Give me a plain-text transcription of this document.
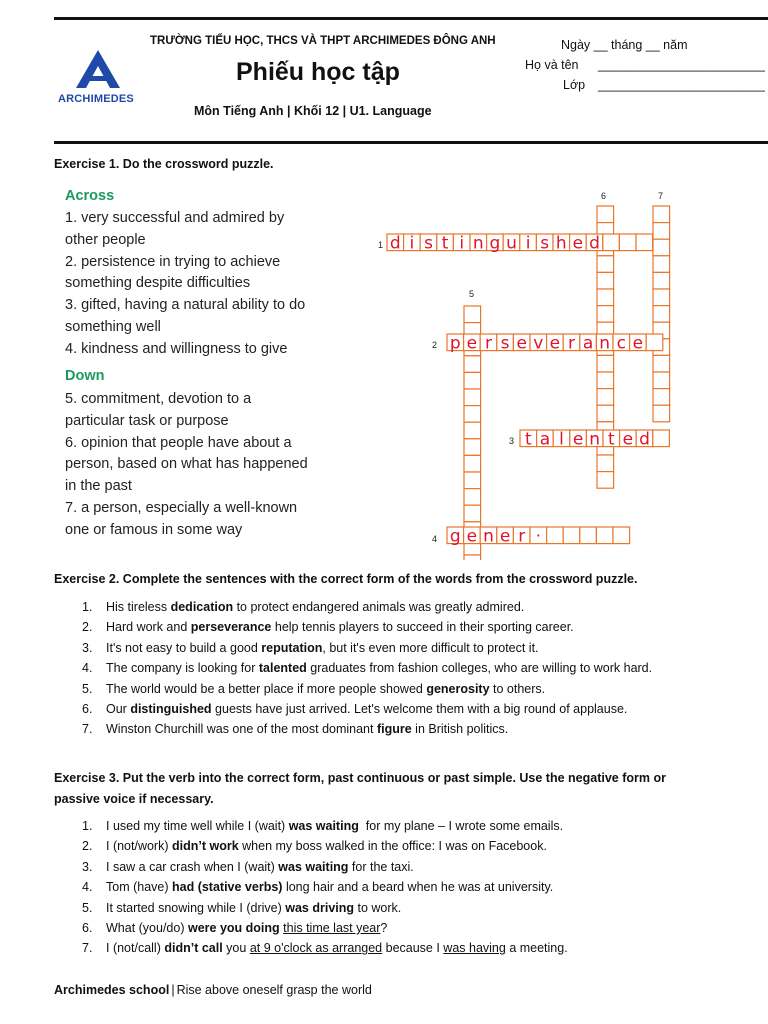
ARCHIMEDES
TRƯỜNG TIỂU HỌC, THCS VÀ THPT ARCHIMEDES ĐÔNG ANH
Phiếu học tập
Môn Tiếng Anh | Khối 12 | U1. Language
Ngày __ tháng __ năm
Họ và tên ________________________
Lớp ________________________
Exercise 1. Do the crossword puzzle.
Across
1. very successful and admired by
other people
2. persistence in trying to achieve
something despite difficulties
3. gifted, having a natural ability to do
something well
4. kindness and willingness to give
Down
5. commitment, devotion to a
particular task or purpose
6. opinion that people have about a
person, based on what has happened
in the past
7. a person, especially a well-known
one or famous in some way
d i s t i n g u i s h e d
p e r s e v e r a n c e
t a l e n t e d
g e n e r ·
1
2
3
4
5
6	7
Exercise 2. Complete the sentences with the correct form of the words from the crossword puzzle.
1. His tireless dedication to protect endangered animals was greatly admired.
2. Hard work and perseverance help tennis players to succeed in their sporting career.
3. It's not easy to build a good reputation, but it's even more difficult to protect it.
4. The company is looking for talented graduates from fashion colleges, who are willing to work hard.
5. The world would be a better place if more people showed generosity to others.
6. Our distinguished guests have just arrived. Let's welcome them with a big round of applause.
7. Winston Churchill was one of the most dominant figure in British politics.
Exercise 3. Put the verb into the correct form, past continuous or past simple. Use the negative form or
passive voice if necessary.
1. I used my time well while I (wait) was waiting  for my plane – I wrote some emails.
2. I (not/work) didn’t work when my boss walked in the office: I was on Facebook.
3. I saw a car crash when I (wait) was waiting for the taxi.
4. Tom (have) had (stative verbs) long hair and a beard when he was at university.
5. It started snowing while I (drive) was driving to work.
6. What (you/do) were you doing this time last year?
7. I (not/call) didn’t call you at 9 o'clock as arranged because I was having a meeting.
Archimedes school | Rise above oneself grasp the world
